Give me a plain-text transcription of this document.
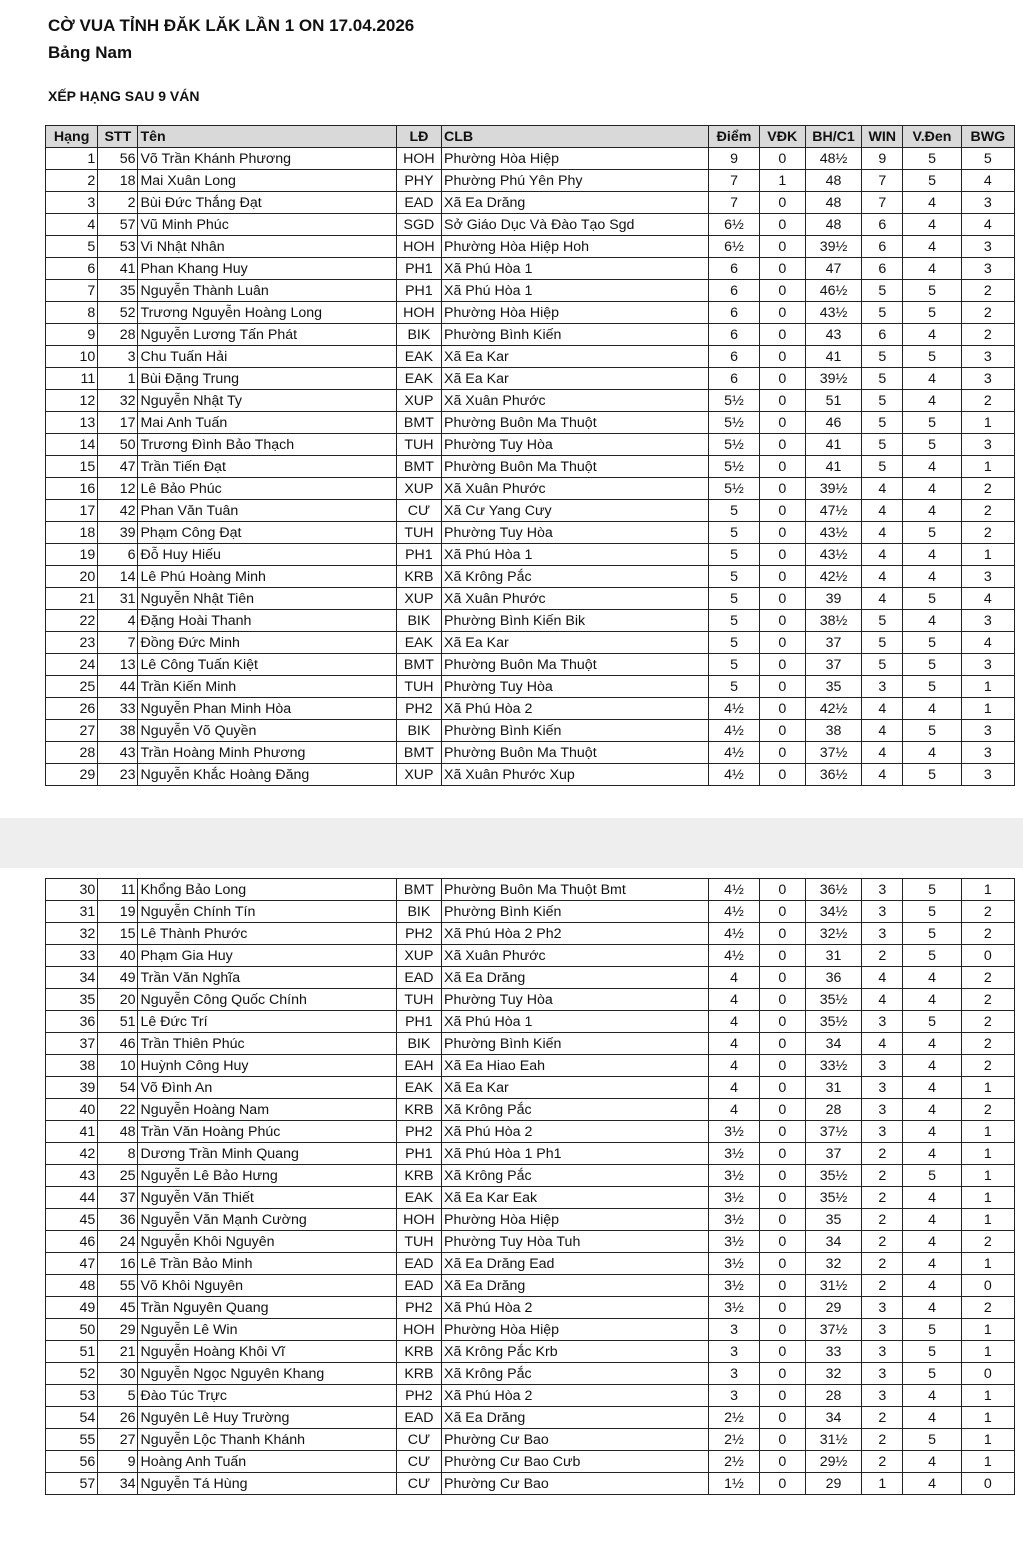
CỜ VUA TỈNH ĐĂK LĂK LẦN 1 ON 17.04.2026
Bảng Nam
XẾP HẠNG SAU 9 VÁN
Hạng	STT	Tên	LĐ	CLB	Điểm	VĐK	BH/C1	WIN	V.Đen	BWG
1	56	Võ Trần Khánh Phương	HOH	Phường Hòa Hiệp	9	0	48½	9	5	5
2	18	Mai Xuân Long	PHY	Phường Phú Yên Phy	7	1	48	7	5	4
3	2	Bùi Đức Thắng Đạt	EAD	Xã Ea Drăng	7	0	48	7	4	3
4	57	Vũ Minh Phúc	SGD	Sở Giáo Dục Và Đào Tạo Sgd	6½	0	48	6	4	4
5	53	Vi Nhật Nhân	HOH	Phường Hòa Hiệp Hoh	6½	0	39½	6	4	3
6	41	Phan Khang Huy	PH1	Xã Phú Hòa 1	6	0	47	6	4	3
7	35	Nguyễn Thành Luân	PH1	Xã Phú Hòa 1	6	0	46½	5	5	2
8	52	Trương Nguyễn Hoàng Long	HOH	Phường Hòa Hiệp	6	0	43½	5	5	2
9	28	Nguyễn Lương Tấn Phát	BIK	Phường Bình Kiến	6	0	43	6	4	2
10	3	Chu Tuấn Hải	EAK	Xã Ea Kar	6	0	41	5	5	3
11	1	Bùi Đặng Trung	EAK	Xã Ea Kar	6	0	39½	5	4	3
12	32	Nguyễn Nhật Ty	XUP	Xã Xuân Phước	5½	0	51	5	4	2
13	17	Mai Anh Tuấn	BMT	Phường Buôn Ma Thuột	5½	0	46	5	5	1
14	50	Trương Đình Bảo Thạch	TUH	Phường Tuy Hòa	5½	0	41	5	5	3
15	47	Trần Tiến Đạt	BMT	Phường Buôn Ma Thuột	5½	0	41	5	4	1
16	12	Lê Bảo Phúc	XUP	Xã Xuân Phước	5½	0	39½	4	4	2
17	42	Phan Văn Tuân	CƯ	Xã Cư Yang Cưy	5	0	47½	4	4	2
18	39	Phạm Công Đạt	TUH	Phường Tuy Hòa	5	0	43½	4	5	2
19	6	Đỗ Huy Hiếu	PH1	Xã Phú Hòa 1	5	0	43½	4	4	1
20	14	Lê Phú Hoàng Minh	KRB	Xã Krông Pắc	5	0	42½	4	4	3
21	31	Nguyễn Nhật Tiên	XUP	Xã Xuân Phước	5	0	39	4	5	4
22	4	Đặng Hoài Thanh	BIK	Phường Bình Kiến Bik	5	0	38½	5	4	3
23	7	Đồng Đức Minh	EAK	Xã Ea Kar	5	0	37	5	5	4
24	13	Lê Công Tuấn Kiệt	BMT	Phường Buôn Ma Thuột	5	0	37	5	5	3
25	44	Trần Kiến Minh	TUH	Phường Tuy Hòa	5	0	35	3	5	1
26	33	Nguyễn Phan Minh Hòa	PH2	Xã Phú Hòa 2	4½	0	42½	4	4	1
27	38	Nguyễn Võ Quyền	BIK	Phường Bình Kiến	4½	0	38	4	5	3
28	43	Trần Hoàng Minh Phương	BMT	Phường Buôn Ma Thuột	4½	0	37½	4	4	3
29	23	Nguyễn Khắc Hoàng Đăng	XUP	Xã Xuân Phước Xup	4½	0	36½	4	5	3
30	11	Khổng Bảo Long	BMT	Phường Buôn Ma Thuột Bmt	4½	0	36½	3	5	1
31	19	Nguyễn Chính Tín	BIK	Phường Bình Kiến	4½	0	34½	3	5	2
32	15	Lê Thành Phước	PH2	Xã Phú Hòa 2 Ph2	4½	0	32½	3	5	2
33	40	Phạm Gia Huy	XUP	Xã Xuân Phước	4½	0	31	2	5	0
34	49	Trần Văn Nghĩa	EAD	Xã Ea Drăng	4	0	36	4	4	2
35	20	Nguyễn Công Quốc Chính	TUH	Phường Tuy Hòa	4	0	35½	4	4	2
36	51	Lê Đức Trí	PH1	Xã Phú Hòa 1	4	0	35½	3	5	2
37	46	Trần Thiên Phúc	BIK	Phường Bình Kiến	4	0	34	4	4	2
38	10	Huỳnh Công Huy	EAH	Xã Ea Hiao Eah	4	0	33½	3	4	2
39	54	Võ Đình An	EAK	Xã Ea Kar	4	0	31	3	4	1
40	22	Nguyễn Hoàng Nam	KRB	Xã Krông Pắc	4	0	28	3	4	2
41	48	Trần Văn Hoàng Phúc	PH2	Xã Phú Hòa 2	3½	0	37½	3	4	1
42	8	Dương Trần Minh Quang	PH1	Xã Phú Hòa 1 Ph1	3½	0	37	2	4	1
43	25	Nguyễn Lê Bảo Hưng	KRB	Xã Krông Pắc	3½	0	35½	2	5	1
44	37	Nguyễn Văn Thiết	EAK	Xã Ea Kar Eak	3½	0	35½	2	4	1
45	36	Nguyễn Văn Mạnh Cường	HOH	Phường Hòa Hiệp	3½	0	35	2	4	1
46	24	Nguyễn Khôi Nguyên	TUH	Phường Tuy Hòa Tuh	3½	0	34	2	4	2
47	16	Lê Trần Bảo Minh	EAD	Xã Ea Drăng Ead	3½	0	32	2	4	1
48	55	Võ Khôi Nguyên	EAD	Xã Ea Drăng	3½	0	31½	2	4	0
49	45	Trần Nguyên Quang	PH2	Xã Phú Hòa 2	3½	0	29	3	4	2
50	29	Nguyễn Lê Win	HOH	Phường Hòa Hiệp	3	0	37½	3	5	1
51	21	Nguyễn Hoàng Khôi Vĩ	KRB	Xã Krông Pắc Krb	3	0	33	3	5	1
52	30	Nguyễn Ngọc Nguyên Khang	KRB	Xã Krông Pắc	3	0	32	3	5	0
53	5	Đào Túc Trực	PH2	Xã Phú Hòa 2	3	0	28	3	4	1
54	26	Nguyên Lê Huy Trường	EAD	Xã Ea Drăng	2½	0	34	2	4	1
55	27	Nguyễn Lộc Thanh Khánh	CƯ	Phường Cư Bao	2½	0	31½	2	5	1
56	9	Hoàng Anh Tuấn	CƯ	Phường Cư Bao Cưb	2½	0	29½	2	4	1
57	34	Nguyễn Tá Hùng	CƯ	Phường Cư Bao	1½	0	29	1	4	0
